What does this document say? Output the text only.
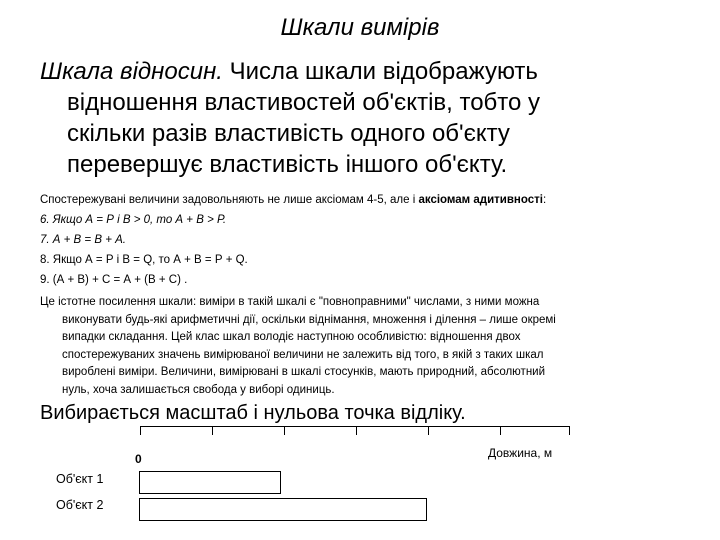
Шкали вимірів
Шкала відносин. Числа шкали відображують
відношення властивостей об'єктів, тобто у
скільки разів властивість одного об'єкту
перевершує властивість іншого об'єкту.
Спостережувані величини задовольняють не лише аксіомам 4-5, але і аксіомам адитивності:
6. Якщо А = Р і В > 0, то А + В > Р.
7. А + В = В + А.
8. Якщо А = Р і В = Q, то А + В = Р + Q.
9. (А + В) + С = А + (В + С) .
Це істотне посилення шкали: виміри в такій шкалі є "повноправними" числами, з ними можна
виконувати будь-які арифметичні дії, оскільки віднімання, множення і ділення – лише окремі
випадки складання. Цей клас шкал володіє наступною особливістю: відношення двох
спостережуваних значень вимірюваної величини не залежить від того, в якій з таких шкал
вироблені виміри. Величини, вимірювані в шкалі стосунків, мають природний, абсолютний
нуль, хоча залишається свобода у виборі одиниць.
Вибирається масштаб і нульова точка відліку.
0	Довжина, м
Об'єкт 1
Об'єкт 2
